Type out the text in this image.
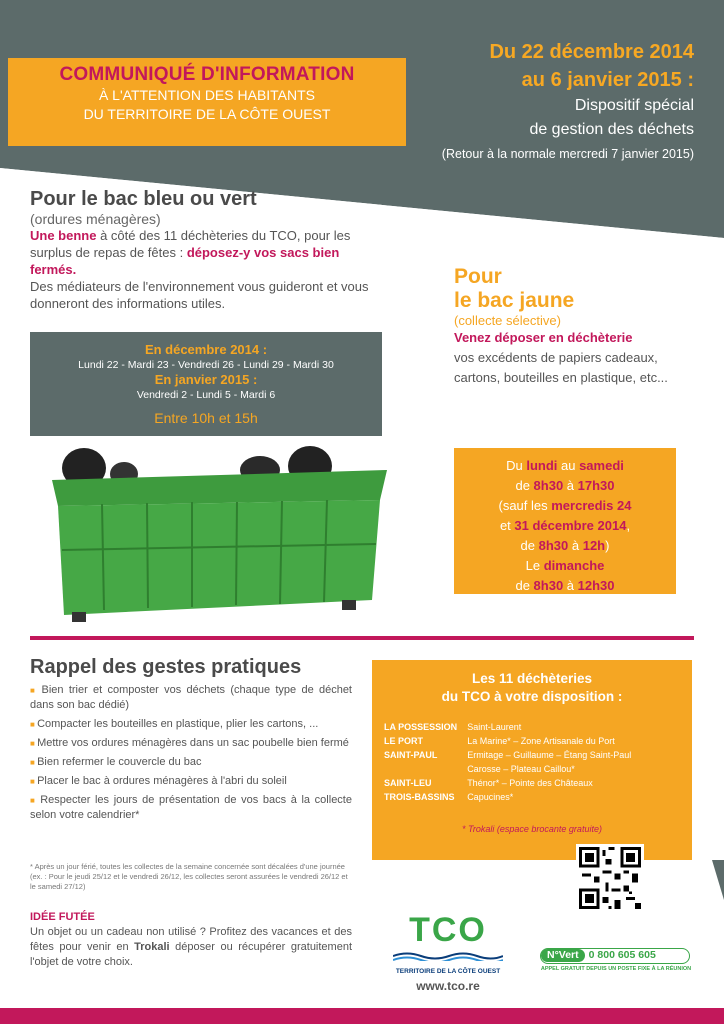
COMMUNIQUÉ D'INFORMATION

À L'ATTENTION DES HABITANTS

DU TERRITOIRE DE LA CÔTE OUEST

Du 22 décembre 2014
au 6 janvier 2015 :
Dispositif spécial
de gestion des déchets
(Retour à la normale mercredi 7 janvier 2015)
Pour le bac bleu ou vert
(ordures ménagères)
Une benne à côté des 11 déchèteries du TCO, pour les surplus de repas de fêtes : déposez-y vos sacs bien fermés.
Des médiateurs de l'environnement vous guideront et vous donneront des informations utiles.
En décembre 2014 :
Lundi 22 - Mardi 23 - Vendredi 26 - Lundi 29 - Mardi 30
En janvier 2015 :
Vendredi 2 - Lundi 5 - Mardi 6
Entre 10h et 15h
Pour
le bac jaune
(collecte sélective)
Venez déposer en déchèterie
vos excédents de papiers cadeaux, cartons, bouteilles en plastique, etc...
Du lundi au samedi
de 8h30 à 17h30
(sauf les mercredis 24
et 31 décembre 2014,
de 8h30 à 12h)
Le dimanche
de 8h30 à 12h30
Rappel des gestes pratiques
■ Bien trier et composter vos déchets (chaque type de déchet dans son bac dédié)
■ Compacter les bouteilles en plastique, plier les cartons, ...
■ Mettre vos ordures ménagères dans un sac poubelle bien fermé
■ Bien refermer le couvercle du bac
■ Placer le bac à ordures ménagères à l'abri du soleil
■ Respecter les jours de présentation de vos bacs à la collecte selon votre calendrier*
* Après un jour férié, toutes les collectes de la semaine concernée sont décalées d'une journée (ex. : Pour le jeudi 25/12 et le vendredi 26/12, les collectes seront assurées le vendredi 26/12 et le samedi 27/12)
IDÉE FUTÉE
Un objet ou un cadeau non utilisé ? Profitez des vacances et des fêtes pour venir en Trokali déposer ou récupérer gratuitement l'objet de votre choix.
Les 11 déchèteries
du TCO à votre disposition :
LA POSSESSION	Saint-Laurent
LE PORT	La Marine* – Zone Artisanale du Port
SAINT-PAUL	Ermitage – Guillaume – Étang Saint-Paul
	Carosse – Plateau Caillou*
SAINT-LEU	Thénor* – Pointe des Châteaux
TROIS-BASSINS	Capucines*
* Trokali (espace brocante gratuite)
TCO
TERRITOIRE DE LA CÔTE OUEST
www.tco.re
N°Vert 0 800 605 605
APPEL GRATUIT DEPUIS UN POSTE FIXE À LA RÉUNION
